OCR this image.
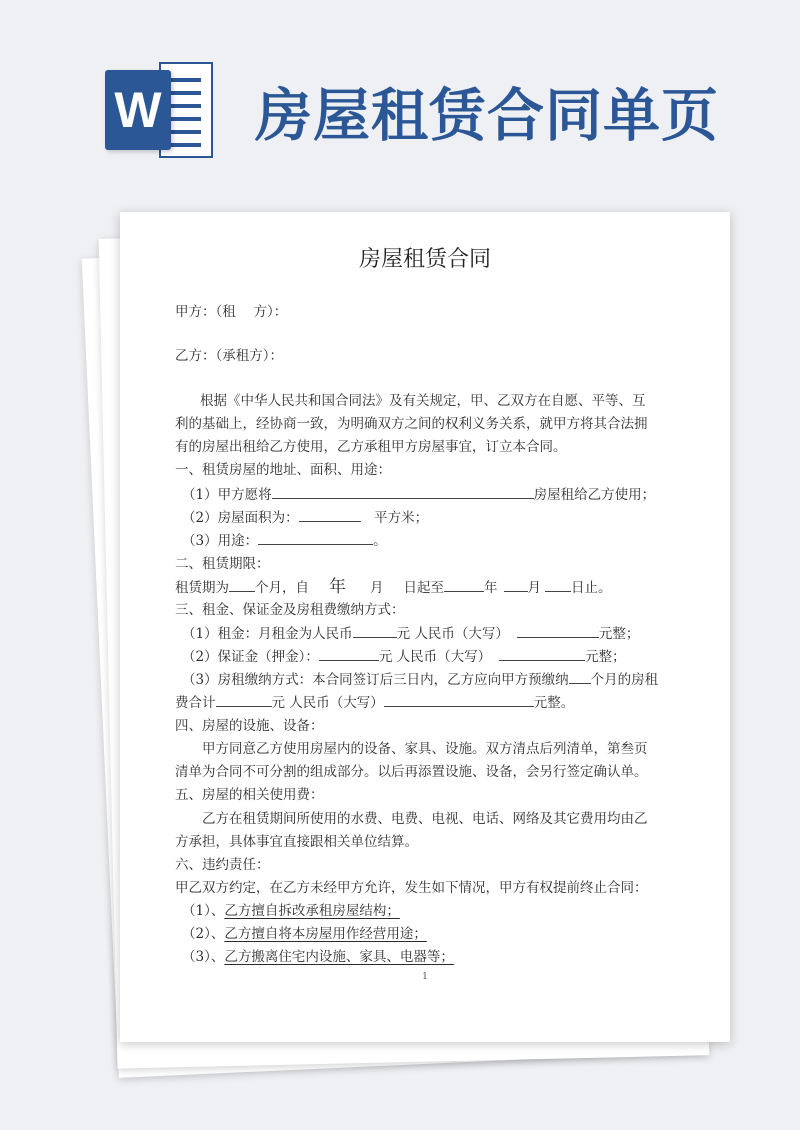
W 房屋租赁合同单页
房屋租赁合同
甲方：（租　 方）：
乙方：（承租方）：
根据《中华人民共和国合同法》及有关规定，甲、乙双方在自愿、平等、互
利的基础上，经协商一致，为明确双方之间的权利义务关系，就甲方将其合法拥
有的房屋出租给乙方使用，乙方承租甲方房屋事宜，订立本合同。
一、租赁房屋的地址、面积、用途：
（1）甲方愿将	房屋租给乙方使用；
（2）房屋面积为：　	平方米；
（3）用途：	。
二、租赁期限：
租赁期为 个月，自 年 月 日起至	年 月 日止。
三、租金、保证金及房租费缴纳方式：
（1）租金：月租金为人民币	元 人民币（大写）	元整；
（2）保证金（押金）：	元 人民币（大写）	元整；
（3）房租缴纳方式：本合同签订后三日内，乙方应向甲方预缴纳 个月的房租
费合计	元 人民币（大写）	元整。
四、房屋的设施、设备：
甲方同意乙方使用房屋内的设备、家具、设施。双方清点后列清单，第叁页
清单为合同不可分割的组成部分。以后再添置设施、设备，会另行签定确认单。
五、房屋的相关使用费：
乙方在租赁期间所使用的水费、电费、电视、电话、网络及其它费用均由乙
方承担，具体事宜直接跟相关单位结算。
六、违约责任：
甲乙双方约定，在乙方未经甲方允许，发生如下情况，甲方有权提前终止合同：
（1）、乙方擅自拆改承租房屋结构；
（2）、乙方擅自将本房屋用作经营用途；
（3）、乙方搬离住宅内设施、家具、电器等；
1
